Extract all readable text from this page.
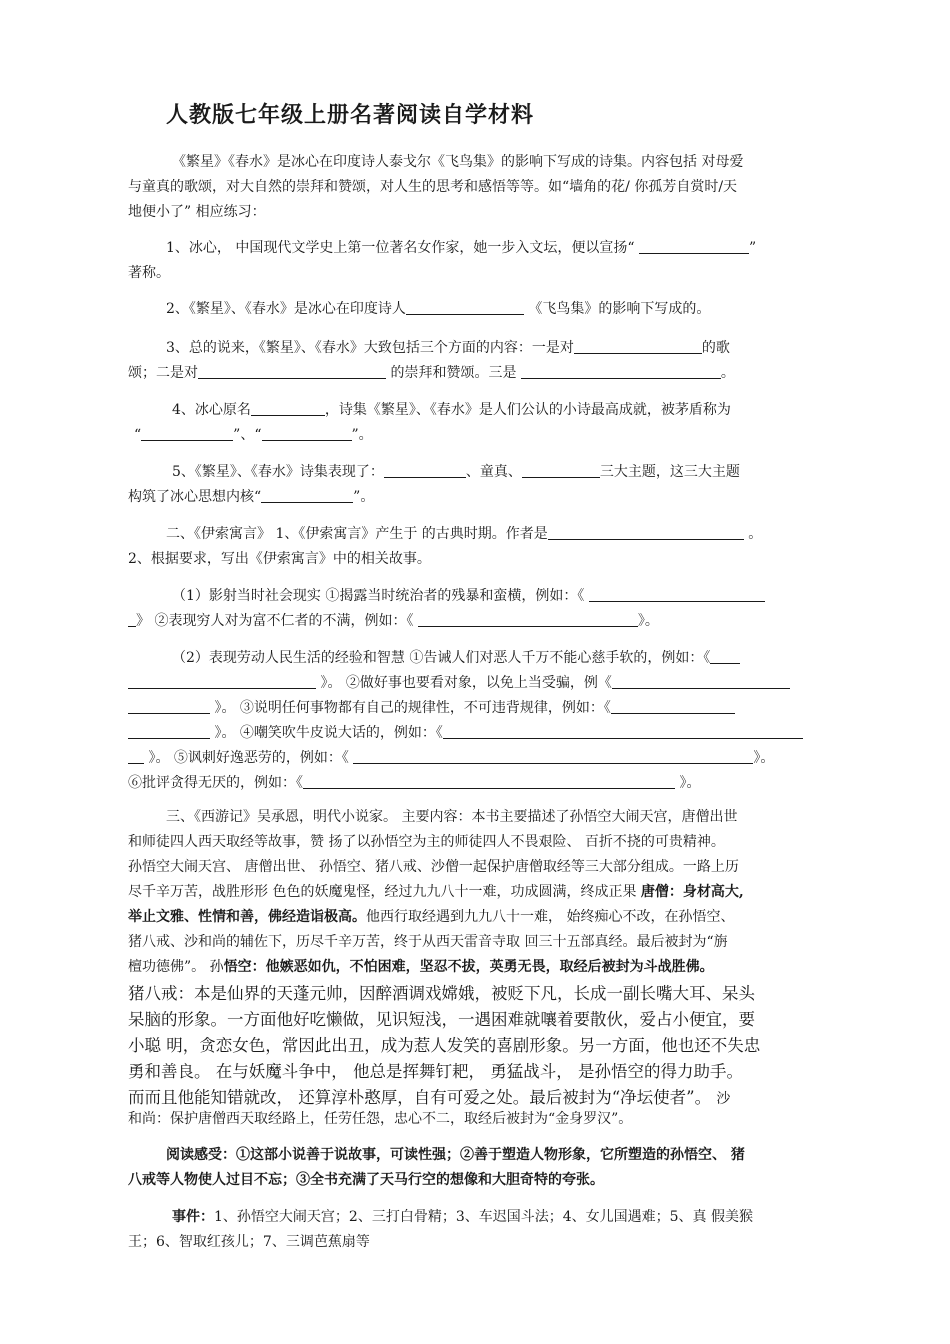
人教版七年级上册名著阅读自学材料
《繁星》《春水》是冰心在印度诗人泰戈尔《飞鸟集》的影响下写成的诗集。内容包括 对母爱
与童真的歌颂，对大自然的崇拜和赞颂，对人生的思考和感悟等等。如“墙角的花/ 你孤芳自赏时/天
地便小了” 相应练习：
1、冰心， 中国现代文学史上第一位著名女作家，她一步入文坛，便以宣扬“	”
著称。
2、《繁星》、《春水》是冰心在印度诗人	《飞鸟集》的影响下写成的。
3、总的说来，《繁星》、《春水》大致包括三个方面的内容：一是对	的歌
颂；二是对	的崇拜和赞颂。三是	。
4、冰心原名	，诗集《繁星》、《春水》是人们公认的小诗最高成就，被茅盾称为
“	”、“	”。
5、《繁星》、《春水》诗集表现了：	、童真、	三大主题，这三大主题
构筑了冰心思想内核“	”。
二、《伊索寓言》 1、《伊索寓言》产生于 的古典时期。作者是	。
2、根据要求，写出《伊索寓言》中的相关故事。
（1）影射当时社会现实 ①揭露当时统治者的残暴和蛮横，例如：《
》 ②表现穷人对为富不仁者的不满，例如：《	》。
（2）表现劳动人民生活的经验和智慧 ①告诫人们对恶人千万不能心慈手软的，例如：《
》。 ②做好事也要看对象，以免上当受骗，例《
》。 ③说明任何事物都有自己的规律性，不可违背规律，例如：《
》。 ④嘲笑吹牛皮说大话的，例如：《
》。 ⑤讽刺好逸恶劳的，例如：《	》。
⑥批评贪得无厌的，例如：《	》。
三、《西游记》吴承恩，明代小说家。 主要内容：本书主要描述了孙悟空大闹天宫，唐僧出世
和师徒四人西天取经等故事，赞 扬了以孙悟空为主的师徒四人不畏艰险、 百折不挠的可贵精神。
孙悟空大闹天宫、 唐僧出世、 孙悟空、猪八戒、沙僧一起保护唐僧取经等三大部分组成。一路上历
尽千辛万苦，战胜形形 色色的妖魔鬼怪，经过九九八十一难，功成圆满，终成正果 唐僧：身材高大,
举止文雅、性情和善，佛经造诣极高。他西行取经遇到九九八十一难， 始终痴心不改，在孙悟空、
猪八戒、沙和尚的辅佐下，历尽千辛万苦，终于从西天雷音寺取 回三十五部真经。最后被封为“旃
檀功德佛”。 孙悟空：他嫉恶如仇，不怕困难，坚忍不拔，英勇无畏，取经后被封为斗战胜佛。
猪八戒：本是仙界的天蓬元帅，因醉酒调戏嫦娥，被贬下凡，长成一副长嘴大耳、呆头
呆脑的形象。一方面他好吃懒做，见识短浅，一遇困难就嚷着要散伙，爱占小便宜，要
小聪 明，贪恋女色，常因此出丑，成为惹人发笑的喜剧形象。另一方面，他也还不失忠
勇和善良。 在与妖魔斗争中， 他总是挥舞钉耙， 勇猛战斗， 是孙悟空的得力助手。
而而且他能知错就改， 还算淳朴憨厚，自有可爱之处。最后被封为“净坛使者”。 沙
和尚：保护唐僧西天取经路上，任劳任怨，忠心不二，取经后被封为“金身罗汉”。
阅读感受：①这部小说善于说故事，可读性强；②善于塑造人物形象，它所塑造的孙悟空、 猪
八戒等人物使人过目不忘；③全书充满了天马行空的想像和大胆奇特的夸张。
事件：1、孙悟空大闹天宫；2、三打白骨精；3、车迟国斗法；4、女儿国遇难；5、真 假美猴
王；6、智取红孩儿；7、三调芭蕉扇等
